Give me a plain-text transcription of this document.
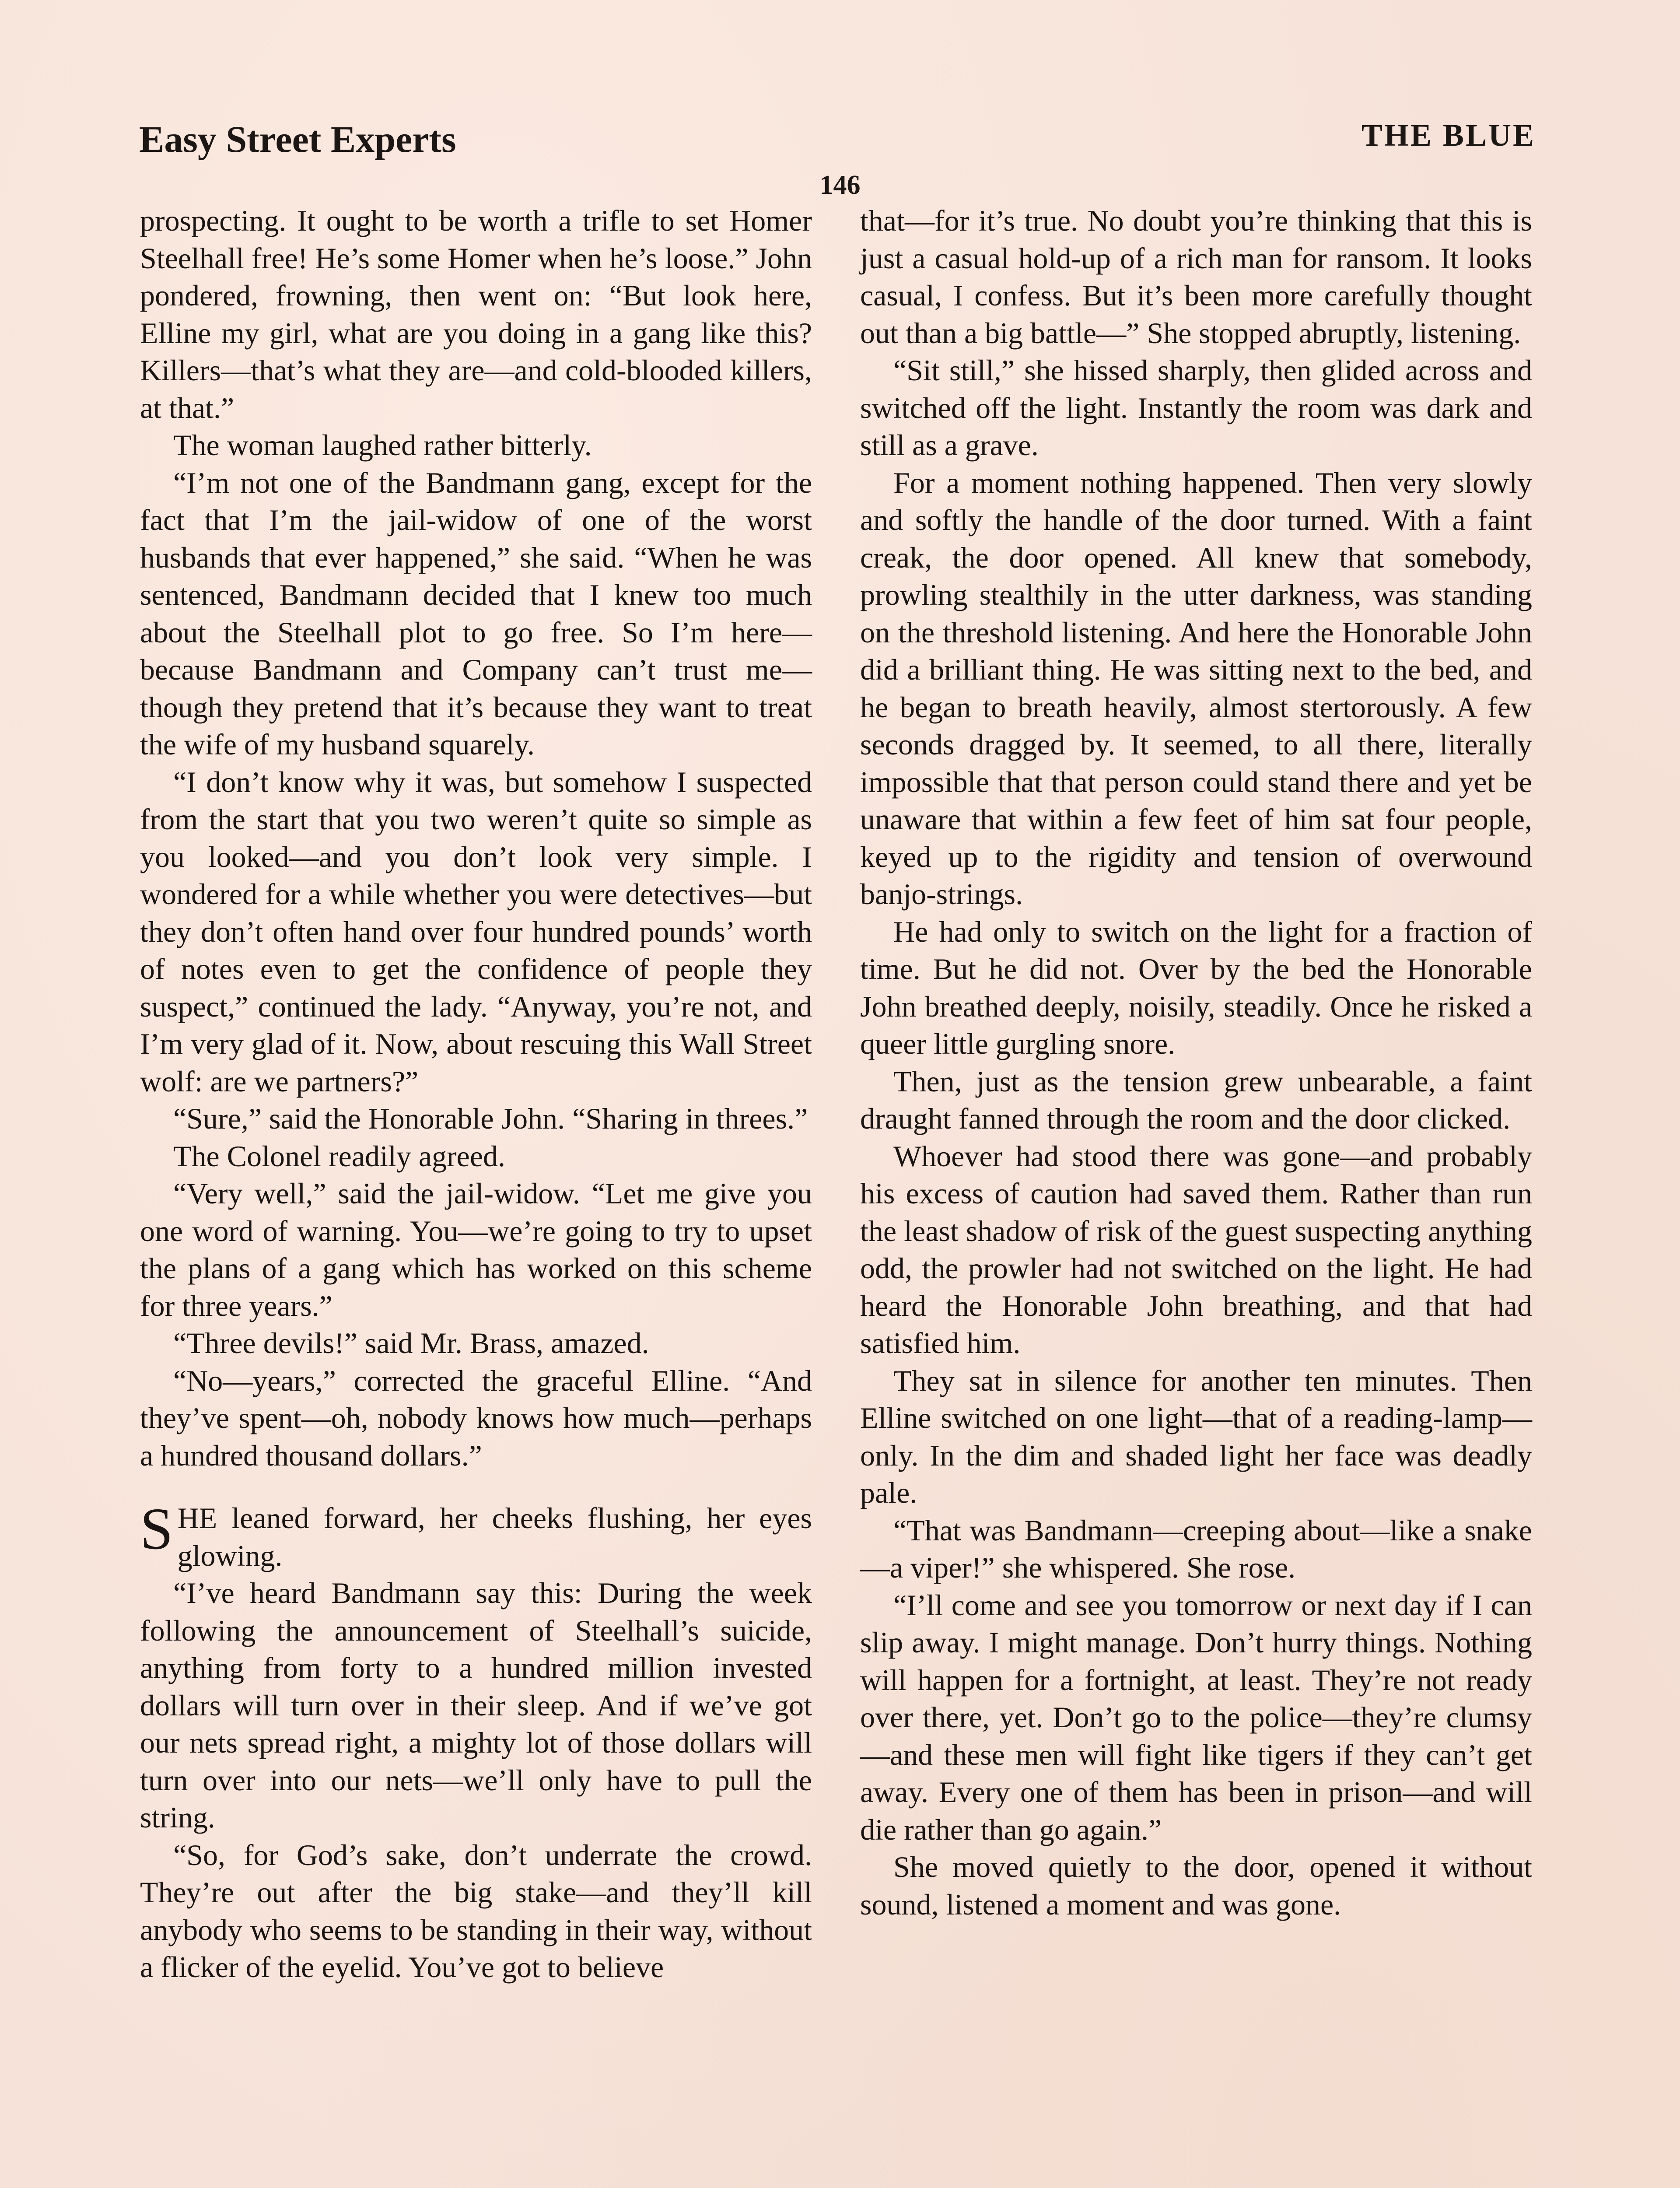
Easy Street Experts	THE BLUE
146

prospecting. It ought to be worth a trifle to set Homer Steelhall free! He’s some Homer when he’s loose.” John pondered, frowning, then went on: “But look here, Elline my girl, what are you doing in a gang like this? Killers—that’s what they are—and cold-blooded killers, at that.”

The woman laughed rather bitterly.

“I’m not one of the Bandmann gang, except for the fact that I’m the jail-widow of one of the worst husbands that ever happened,” she said. “When he was sentenced, Bandmann decided that I knew too much about the Steelhall plot to go free. So I’m here—because Bandmann and Company can’t trust me—though they pretend that it’s because they want to treat the wife of my husband squarely.

“I don’t know why it was, but somehow I suspected from the start that you two weren’t quite so simple as you looked—and you don’t look very simple. I wondered for a while whether you were detectives—but they don’t often hand over four hundred pounds’ worth of notes even to get the confidence of people they suspect,” continued the lady. “Anyway, you’re not, and I’m very glad of it. Now, about rescuing this Wall Street wolf: are we partners?”

“Sure,” said the Honorable John. “Sharing in threes.”

The Colonel readily agreed.

“Very well,” said the jail-widow. “Let me give you one word of warning. You—we’re going to try to upset the plans of a gang which has worked on this scheme for three years.”

“Three devils!” said Mr. Brass, amazed.

“No—years,” corrected the graceful Elline. “And they’ve spent—oh, nobody knows how much—perhaps a hundred thousand dollars.”

SHE leaned forward, her cheeks flushing, her eyes glowing.

“I’ve heard Bandmann say this: During the week following the announcement of Steelhall’s suicide, anything from forty to a hundred million invested dollars will turn over in their sleep. And if we’ve got our nets spread right, a mighty lot of those dollars will turn over into our nets—we’ll only have to pull the string.

“So, for God’s sake, don’t underrate the crowd. They’re out after the big stake—and they’ll kill anybody who seems to be standing in their way, without a flicker of the eyelid. You’ve got to believe

that—for it’s true. No doubt you’re thinking that this is just a casual hold-up of a rich man for ransom. It looks casual, I confess. But it’s been more carefully thought out than a big battle—” She stopped abruptly, listening.

“Sit still,” she hissed sharply, then glided across and switched off the light. Instantly the room was dark and still as a grave.

For a moment nothing happened. Then very slowly and softly the handle of the door turned. With a faint creak, the door opened. All knew that somebody, prowling stealthily in the utter darkness, was standing on the threshold listening. And here the Honorable John did a brilliant thing. He was sitting next to the bed, and he began to breath heavily, almost stertorously. A few seconds dragged by. It seemed, to all there, literally impossible that that person could stand there and yet be unaware that within a few feet of him sat four people, keyed up to the rigidity and tension of overwound banjo-strings.

He had only to switch on the light for a fraction of time. But he did not. Over by the bed the Honorable John breathed deeply, noisily, steadily. Once he risked a queer little gurgling snore.

Then, just as the tension grew unbearable, a faint draught fanned through the room and the door clicked.

Whoever had stood there was gone—and probably his excess of caution had saved them. Rather than run the least shadow of risk of the guest suspecting anything odd, the prowler had not switched on the light. He had heard the Honorable John breathing, and that had satisfied him.

They sat in silence for another ten minutes. Then Elline switched on one light—that of a reading-lamp—only. In the dim and shaded light her face was deadly pale.

“That was Bandmann—creeping about—like a snake—a viper!” she whispered. She rose.

“I’ll come and see you tomorrow or next day if I can slip away. I might manage. Don’t hurry things. Nothing will happen for a fortnight, at least. They’re not ready over there, yet. Don’t go to the police—they’re clumsy—and these men will fight like tigers if they can’t get away. Every one of them has been in prison—and will die rather than go again.”

She moved quietly to the door, opened it without sound, listened a moment and was gone.
